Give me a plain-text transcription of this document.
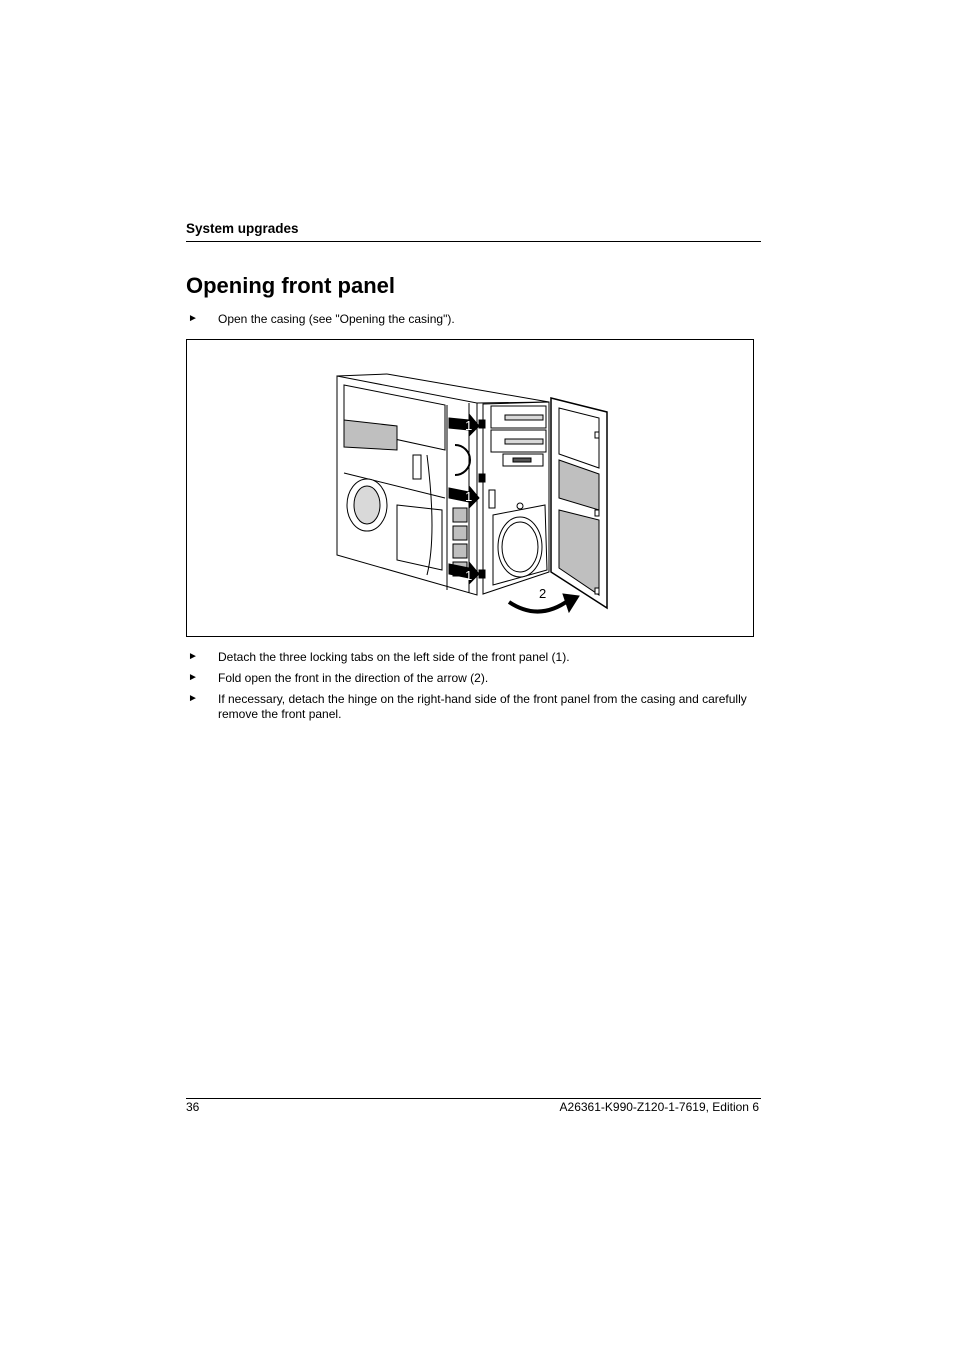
System upgrades
Opening front panel
► Open the casing (see "Opening the casing").
1
1
1
2
► Detach the three locking tabs on the left side of the front panel (1).
► Fold open the front in the direction of the arrow (2).
► If necessary, detach the hinge on the right-hand side of the front panel from the casing and carefully remove the front panel.
36	A26361-K990-Z120-1-7619, Edition 6
